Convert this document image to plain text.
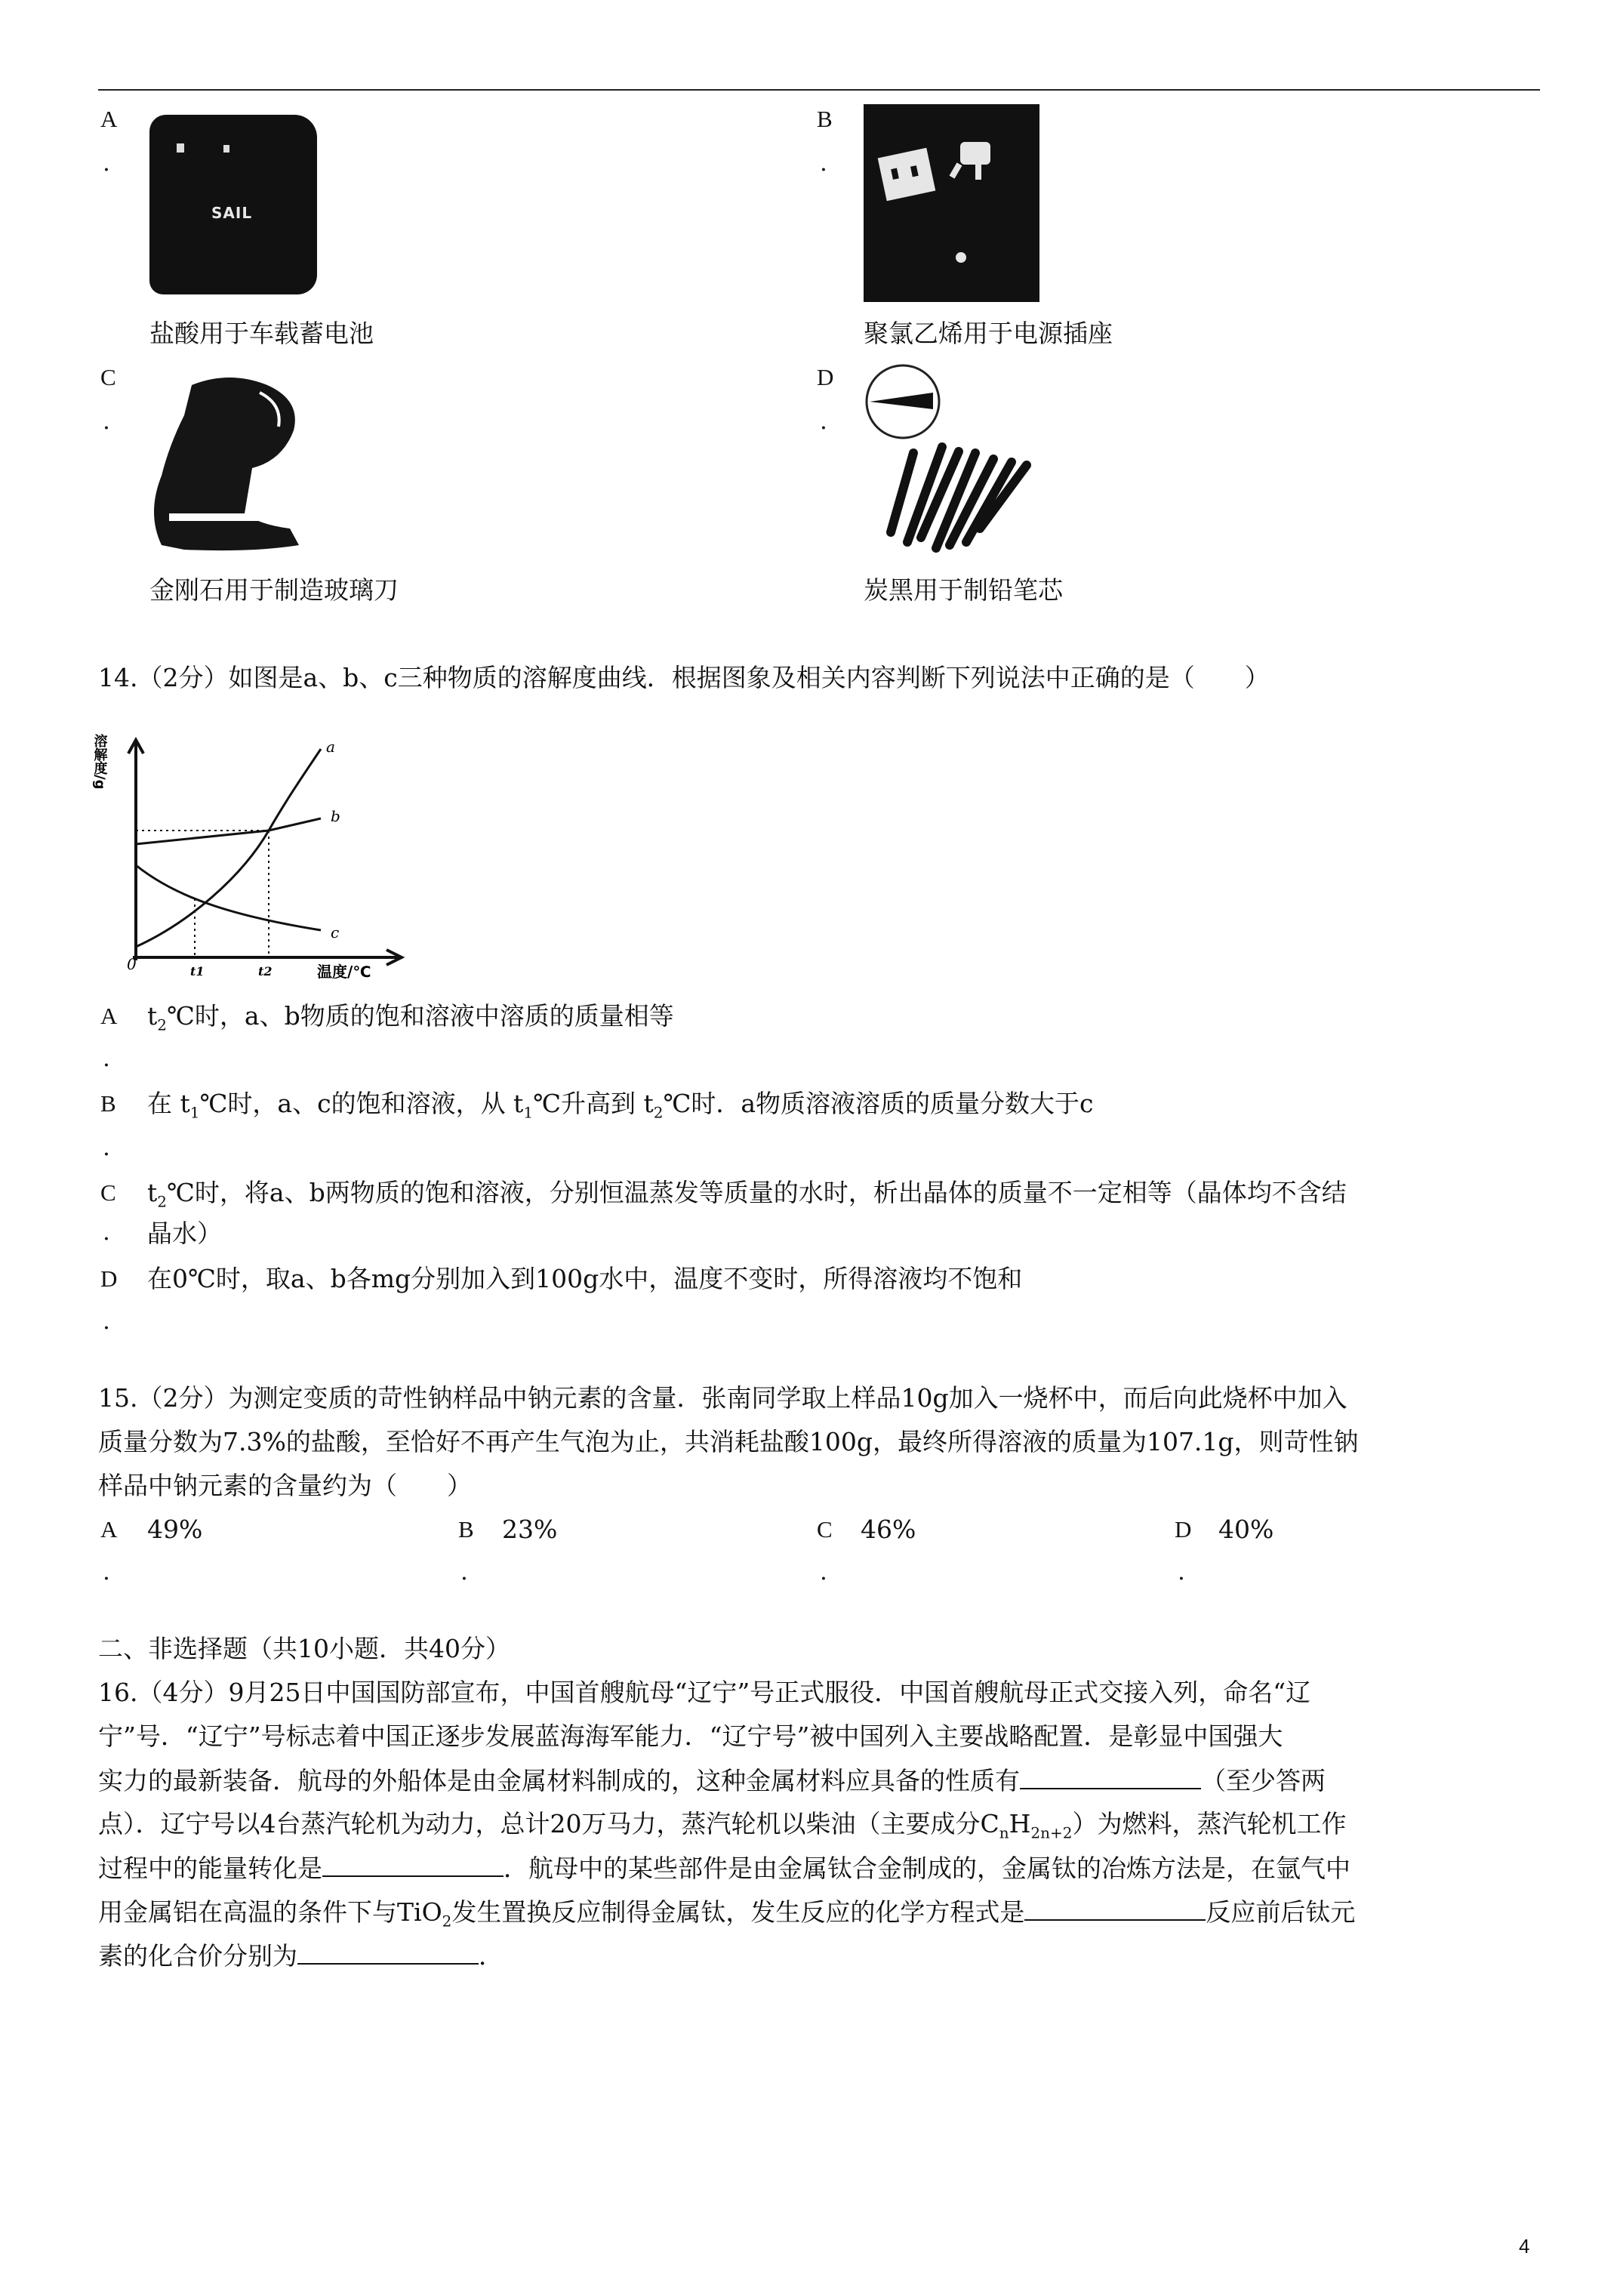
A
.
SAIL
盐酸用于车载蓄电池
B
.
聚氯乙烯用于电源插座
C
.
金刚石用于制造玻璃刀
D
.
炭黑用于制铅笔芯
14.（2分）如图是a、b、c三种物质的溶解度曲线．根据图象及相关内容判断下列说法中正确的是（　　）
溶解度/g
温度/℃
0	t1	t2
a
b
c
A $t_2℃$时，a、b物质的饱和溶液中溶质的质量相等
.
B 在 $t_1℃$时，a、c的饱和溶液，从 $t_1℃$升高到 $t_2℃$时．a物质溶液溶质的质量分数大于c
.
C $t_2℃$时，将a、b两物质的饱和溶液，分别恒温蒸发等质量的水时，析出晶体的质量不一定相等（晶体均不含结
. 晶水）
D 在0℃时，取a、b各mg分别加入到100g水中，温度不变时，所得溶液均不饱和
.
15.（2分）为测定变质的苛性钠样品中钠元素的含量．张南同学取上样品10g加入一烧杯中，而后向此烧杯中加入
质量分数为7.3%的盐酸，至恰好不再产生气泡为止，共消耗盐酸100g，最终所得溶液的质量为107.1g，则苛性钠
样品中钠元素的含量约为（　　）
A 49%
.
B 23%
.
C 46%
.
D 40%
.
二、非选择题（共10小题．共40分）
16.（4分）9月25日中国国防部宣布，中国首艘航母“辽宁”号正式服役．中国首艘航母正式交接入列，命名“辽
宁”号．“辽宁”号标志着中国正逐步发展蓝海海军能力．“辽宁号”被中国列入主要战略配置．是彰显中国强大
实力的最新装备．航母的外船体是由金属材料制成的，这种金属材料应具备的性质有	（至少答两
点）．辽宁号以4台蒸汽轮机为动力，总计20万马力，蒸汽轮机以柴油（主要成分$C_nH_{2n+2}$）为燃料，蒸汽轮机工作
过程中的能量转化是	．航母中的某些部件是由金属钛合金制成的，金属钛的冶炼方法是，在氩气中
用金属铝在高温的条件下与TiO$_2$发生置换反应制得金属钛，发生反应的化学方程式是	反应前后钛元
素的化合价分别为	．
4
